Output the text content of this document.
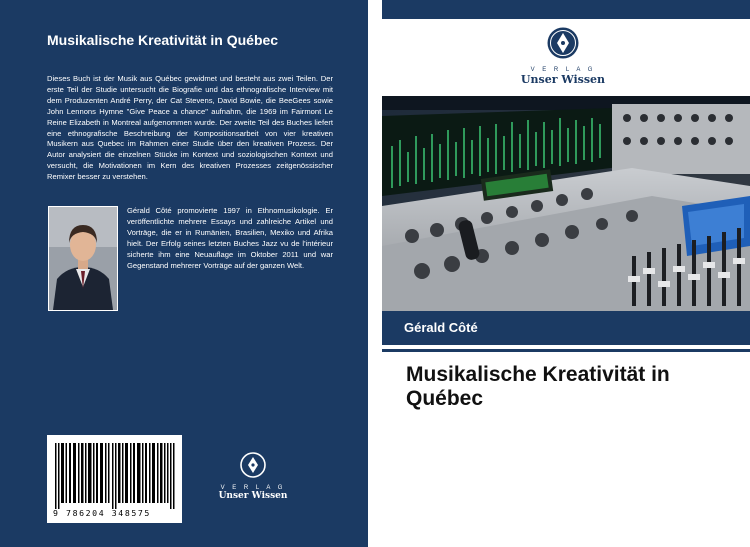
Musikalische Kreativität in Québec

Dieses Buch ist der Musik aus Québec gewidmet und besteht aus zwei Teilen. Der erste Teil der Studie untersucht die Biografie und das ethnografische Interview mit dem Produzenten André Perry, der Cat Stevens, David Bowie, die BeeGees sowie John Lennons Hymne "Give Peace a chance" aufnahm, die 1969 im Fairmont Le Reine Elizabeth in Montreal aufgenommen wurde. Der zweite Teil des Buches liefert eine ethnografische Beschreibung der Kompositionsarbeit von vier kreativen Musikern aus Quebec im Rahmen einer Studie über den kreativen Prozess. Der Autor analysiert die einzelnen Stücke im Kontext und soziologischen Kontext und versucht, die Motivationen im Kern des kreativen Prozesses zeitgenössischer Remixer besser zu verstehen.

Gérald Côté promovierte 1997 in Ethnomusikologie. Er veröffentlichte mehrere Essays und zahlreiche Artikel und Vorträge, die er in Rumänien, Brasilien, Mexiko und Afrika hielt. Der Erfolg seines letzten Buches Jazz vu de l'intérieur sicherte ihm eine Neuauflage im Oktober 2011 und war Gegenstand mehrerer Vorträge auf der ganzen Welt.

9 786204 348575
V E R L A G
Unser Wissen
V E R L A G
Unser Wissen
Gérald Côté
Musikalische Kreativität in Québec
